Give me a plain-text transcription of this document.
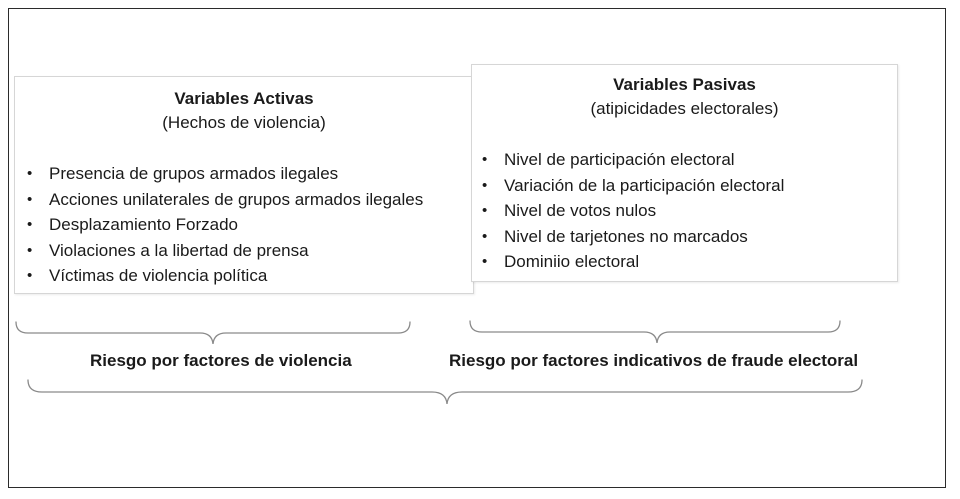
Variables Activas
(Hechos de violencia)
• Presencia de grupos armados ilegales
• Acciones unilaterales de grupos armados ilegales
• Desplazamiento Forzado
• Violaciones a la libertad de prensa
• Víctimas de violencia política
Variables Pasivas
(atipicidades electorales)
• Nivel de participación electoral
• Variación de la participación electoral
• Nivel de votos nulos
• Nivel de tarjetones no marcados
• Dominiio electoral
Riesgo por factores de violencia	Riesgo por factores indicativos de fraude electoral
